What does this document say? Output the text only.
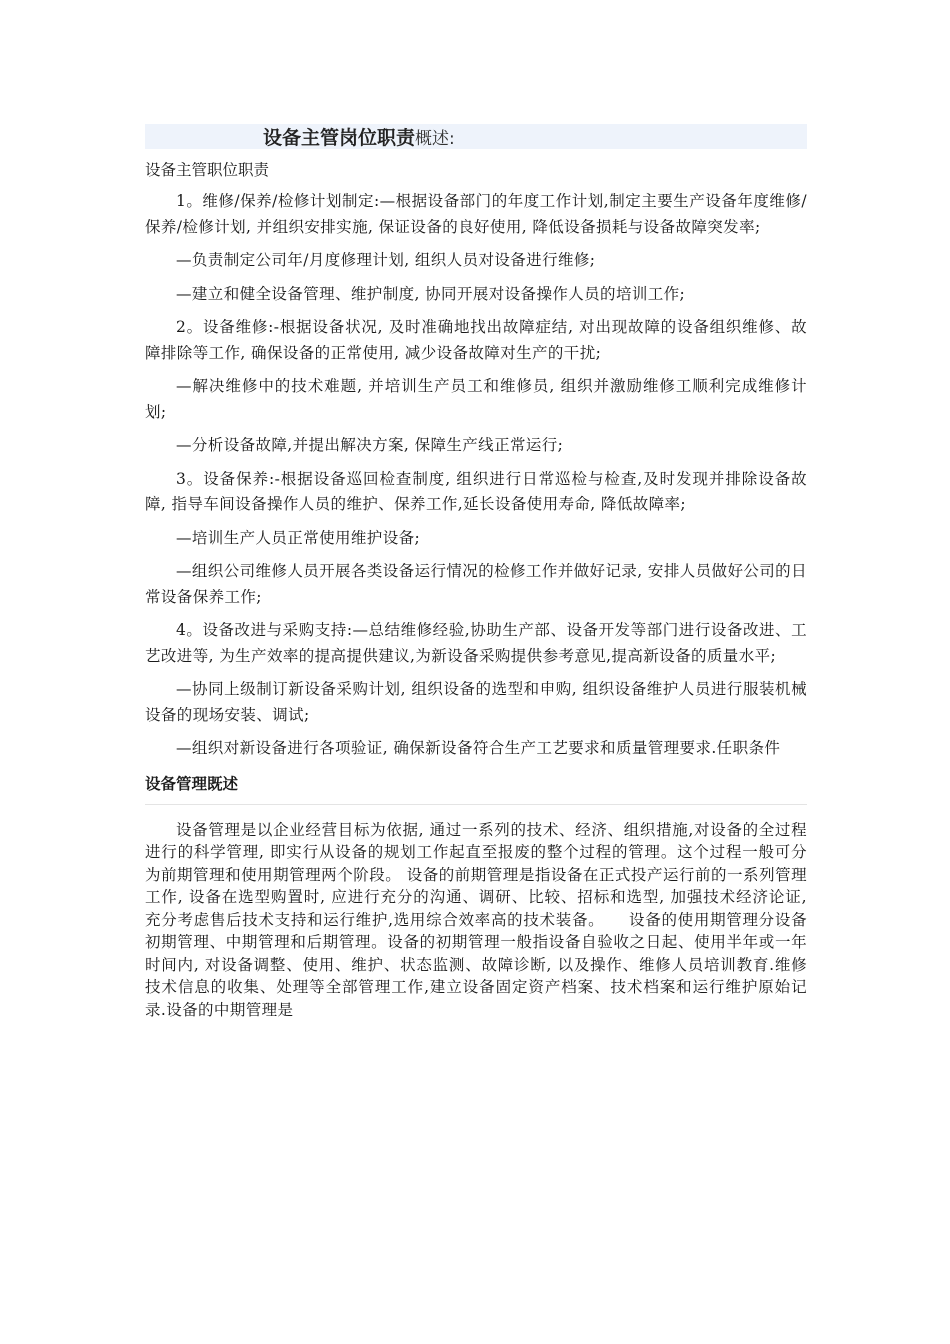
设备主管岗位职责 概述:

设备主管职位职责

1。维修/保养/检修计划制定:—根据设备部门的年度工作计划,制定主要生产设备年度维修/保养/检修计划, 并组织安排实施, 保证设备的良好使用, 降低设备损耗与设备故障突发率;

—负责制定公司年/月度修理计划, 组织人员对设备进行维修;

—建立和健全设备管理、维护制度, 协同开展对设备操作人员的培训工作;

2。设备维修:-根据设备状况, 及时准确地找出故障症结, 对出现故障的设备组织维修、故障排除等工作, 确保设备的正常使用, 减少设备故障对生产的干扰;

—解决维修中的技术难题, 并培训生产员工和维修员, 组织并激励维修工顺利完成维修计划;

—分析设备故障,并提出解决方案, 保障生产线正常运行;

3。设备保养:-根据设备巡回检查制度, 组织进行日常巡检与检查,及时发现并排除设备故障, 指导车间设备操作人员的维护、保养工作,延长设备使用寿命, 降低故障率;

—培训生产人员正常使用维护设备;

—组织公司维修人员开展各类设备运行情况的检修工作并做好记录, 安排人员做好公司的日常设备保养工作;

4。设备改进与采购支持:—总结维修经验,协助生产部、设备开发等部门进行设备改进、工艺改进等, 为生产效率的提高提供建议,为新设备采购提供参考意见,提高新设备的质量水平;

—协同上级制订新设备采购计划, 组织设备的选型和申购, 组织设备维护人员进行服装机械设备的现场安装、调试;

—组织对新设备进行各项验证, 确保新设备符合生产工艺要求和质量管理要求.任职条件

设备管理既述

设备管理是以企业经营目标为依据, 通过一系列的技术、经济、组织措施,对设备的全过程进行的科学管理, 即实行从设备的规划工作起直至报废的整个过程的管理。这个过程一般可分为前期管理和使用期管理两个阶段。 设备的前期管理是指设备在正式投产运行前的一系列管理工作, 设备在选型购置时, 应进行充分的沟通、调研、比较、招标和选型, 加强技术经济论证, 充分考虑售后技术支持和运行维护,选用综合效率高的技术装备。　　设备的使用期管理分设备初期管理、中期管理和后期管理。设备的初期管理一般指设备自验收之日起、使用半年或一年时间内, 对设备调整、使用、维护、状态监测、故障诊断, 以及操作、维修人员培训教育.维修技术信息的收集、处理等全部管理工作,建立设备固定资产档案、技术档案和运行维护原始记录.设备的中期管理是
